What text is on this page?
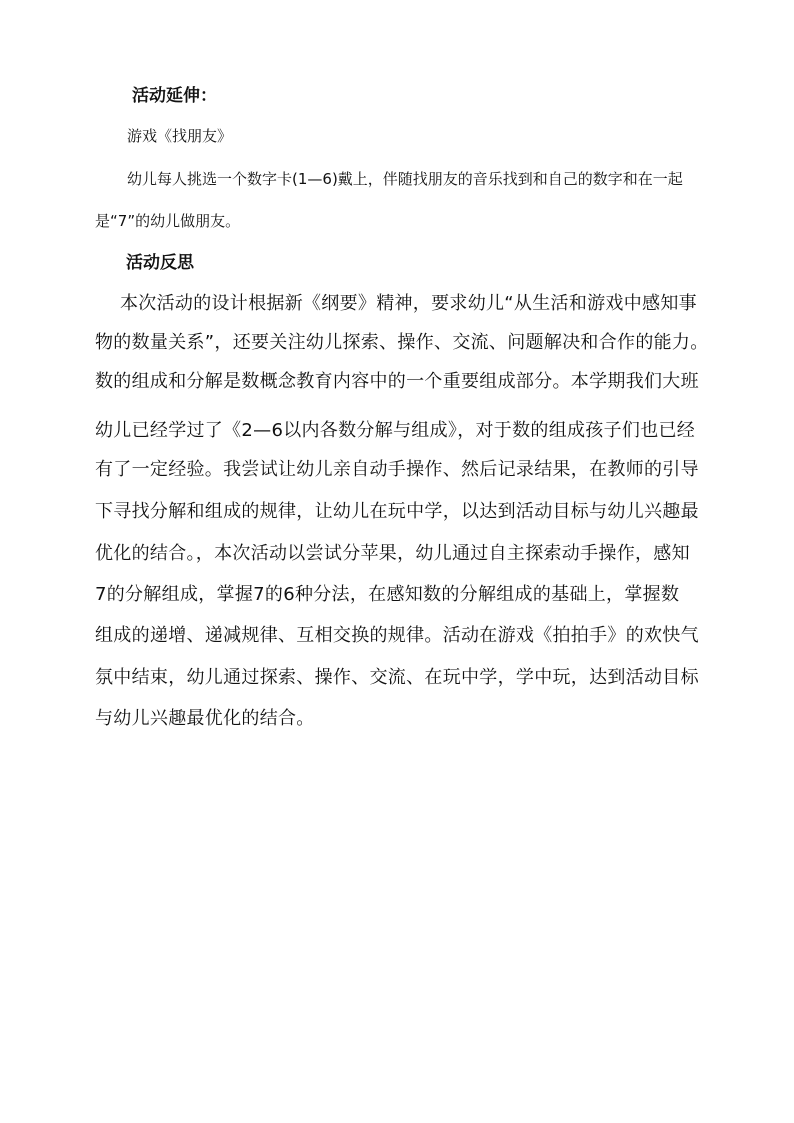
活动延伸：
游戏《找朋友》
幼儿每人挑选一个数字卡(1—6)戴上，伴随找朋友的音乐找到和自己的数字和在一起
是“7”的幼儿做朋友。
活动反思
本次活动的设计根据新《纲要》精神，要求幼儿“从生活和游戏中感知事
物的数量关系”，还要关注幼儿探索、操作、交流、问题解决和合作的能力。
数的组成和分解是数概念教育内容中的一个重要组成部分。本学期我们大班
幼儿已经学过了《2—6以内各数分解与组成》，对于数的组成孩子们也已经
有了一定经验。我尝试让幼儿亲自动手操作、然后记录结果，在教师的引导
下寻找分解和组成的规律，让幼儿在玩中学，以达到活动目标与幼儿兴趣最
优化的结合。，本次活动以尝试分苹果，幼儿通过自主探索动手操作，感知
7的分解组成，掌握7的6种分法，在感知数的分解组成的基础上，掌握数
组成的递增、递减规律、互相交换的规律。活动在游戏《拍拍手》的欢快气
氛中结束，幼儿通过探索、操作、交流、在玩中学，学中玩，达到活动目标
与幼儿兴趣最优化的结合。
